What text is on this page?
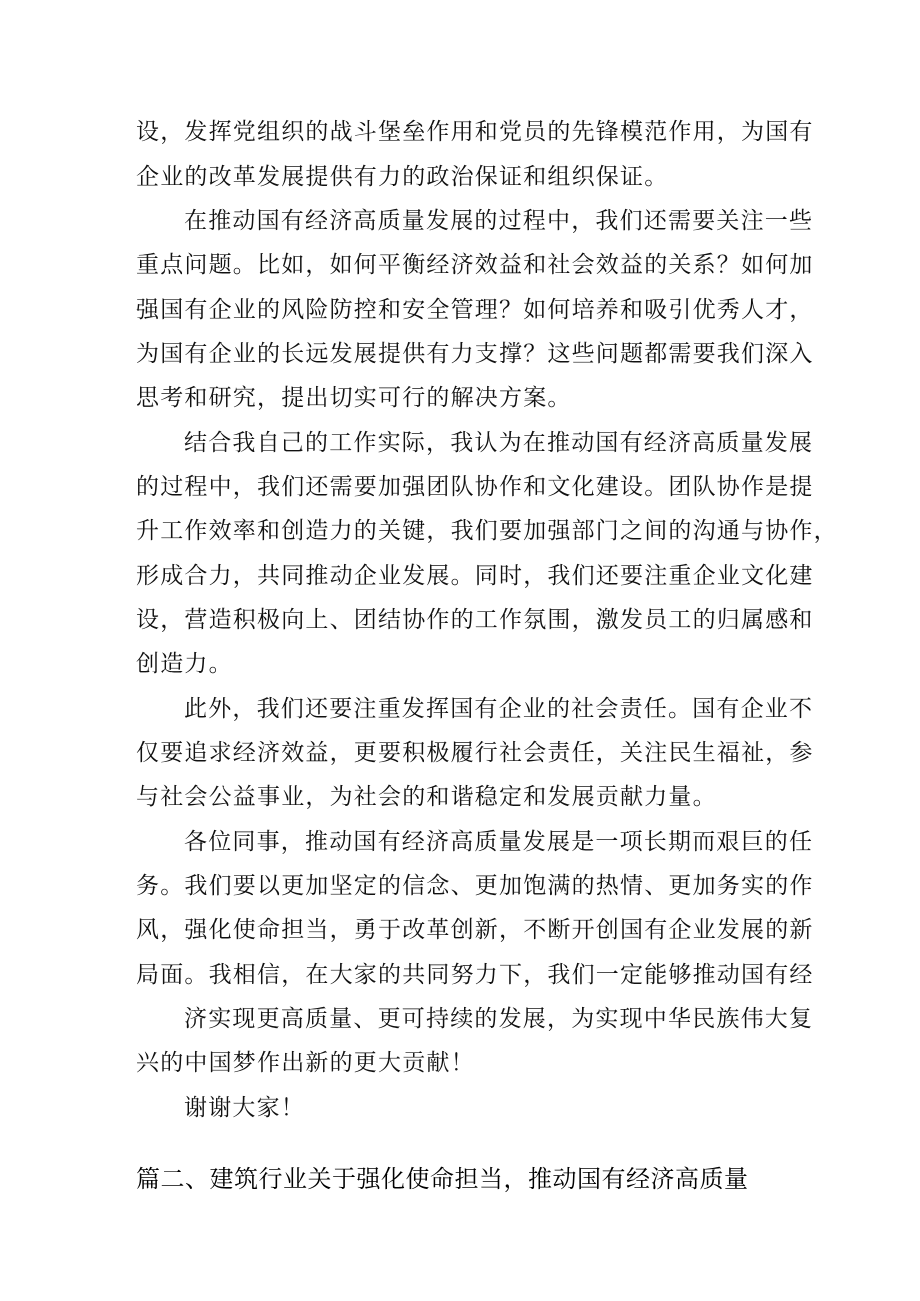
设，发挥党组织的战斗堡垒作用和党员的先锋模范作用，为国有
企业的改革发展提供有力的政治保证和组织保证。
在推动国有经济高质量发展的过程中，我们还需要关注一些
重点问题。比如，如何平衡经济效益和社会效益的关系？如何加
强国有企业的风险防控和安全管理？如何培养和吸引优秀人才，
为国有企业的长远发展提供有力支撑？这些问题都需要我们深入
思考和研究，提出切实可行的解决方案。
结合我自己的工作实际，我认为在推动国有经济高质量发展
的过程中，我们还需要加强团队协作和文化建设。团队协作是提
升工作效率和创造力的关键，我们要加强部门之间的沟通与协作，
形成合力，共同推动企业发展。同时，我们还要注重企业文化建
设，营造积极向上、团结协作的工作氛围，激发员工的归属感和
创造力。
此外，我们还要注重发挥国有企业的社会责任。国有企业不
仅要追求经济效益，更要积极履行社会责任，关注民生福祉，参
与社会公益事业，为社会的和谐稳定和发展贡献力量。
各位同事，推动国有经济高质量发展是一项长期而艰巨的任
务。我们要以更加坚定的信念、更加饱满的热情、更加务实的作
风，强化使命担当，勇于改革创新，不断开创国有企业发展的新
局面。我相信，在大家的共同努力下，我们一定能够推动国有经
济实现更高质量、更可持续的发展，为实现中华民族伟大复
兴的中国梦作出新的更大贡献！
谢谢大家！
篇二、建筑行业关于强化使命担当，推动国有经济高质量
